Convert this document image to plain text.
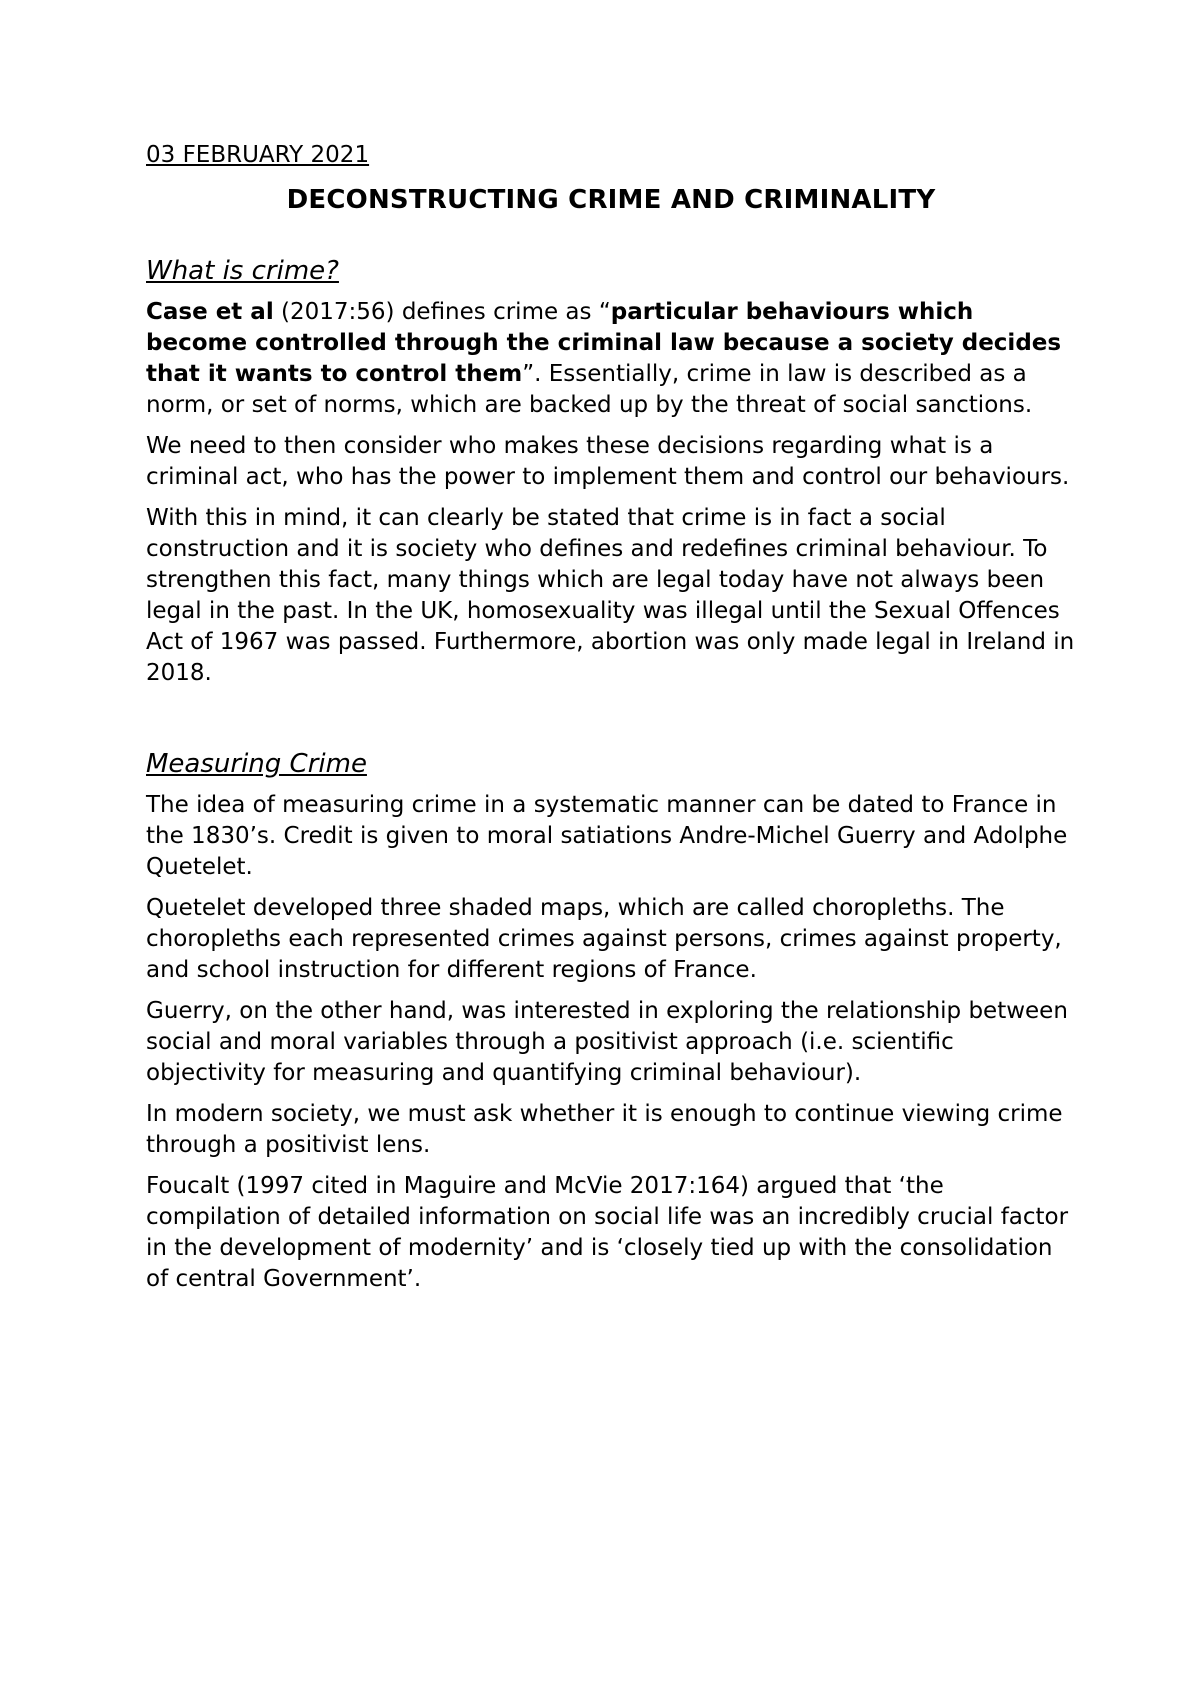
03 FEBRUARY 2021
DECONSTRUCTING CRIME AND CRIMINALITY
What is crime?

Case et al (2017:56) defines crime as “particular behaviours which become controlled through the criminal law because a society decides that it wants to control them”. Essentially, crime in law is described as a norm, or set of norms, which are backed up by the threat of social sanctions.

We need to then consider who makes these decisions regarding what is a criminal act, who has the power to implement them and control our behaviours.

With this in mind, it can clearly be stated that crime is in fact a social construction and it is society who defines and redefines criminal behaviour. To strengthen this fact, many things which are legal today have not always been legal in the past. In the UK, homosexuality was illegal until the Sexual Offences Act of 1967 was passed. Furthermore, abortion was only made legal in Ireland in 2018.

Measuring Crime

The idea of measuring crime in a systematic manner can be dated to France in the 1830’s. Credit is given to moral satiations Andre-Michel Guerry and Adolphe Quetelet.

Quetelet developed three shaded maps, which are called choropleths. The choropleths each represented crimes against persons, crimes against property, and school instruction for different regions of France.

Guerry, on the other hand, was interested in exploring the relationship between social and moral variables through a positivist approach (i.e. scientific objectivity for measuring and quantifying criminal behaviour).

In modern society, we must ask whether it is enough to continue viewing crime through a positivist lens.

Foucalt (1997 cited in Maguire and McVie 2017:164) argued that ‘the compilation of detailed information on social life was an incredibly crucial factor in the development of modernity’ and is ‘closely tied up with the consolidation of central Government’.
